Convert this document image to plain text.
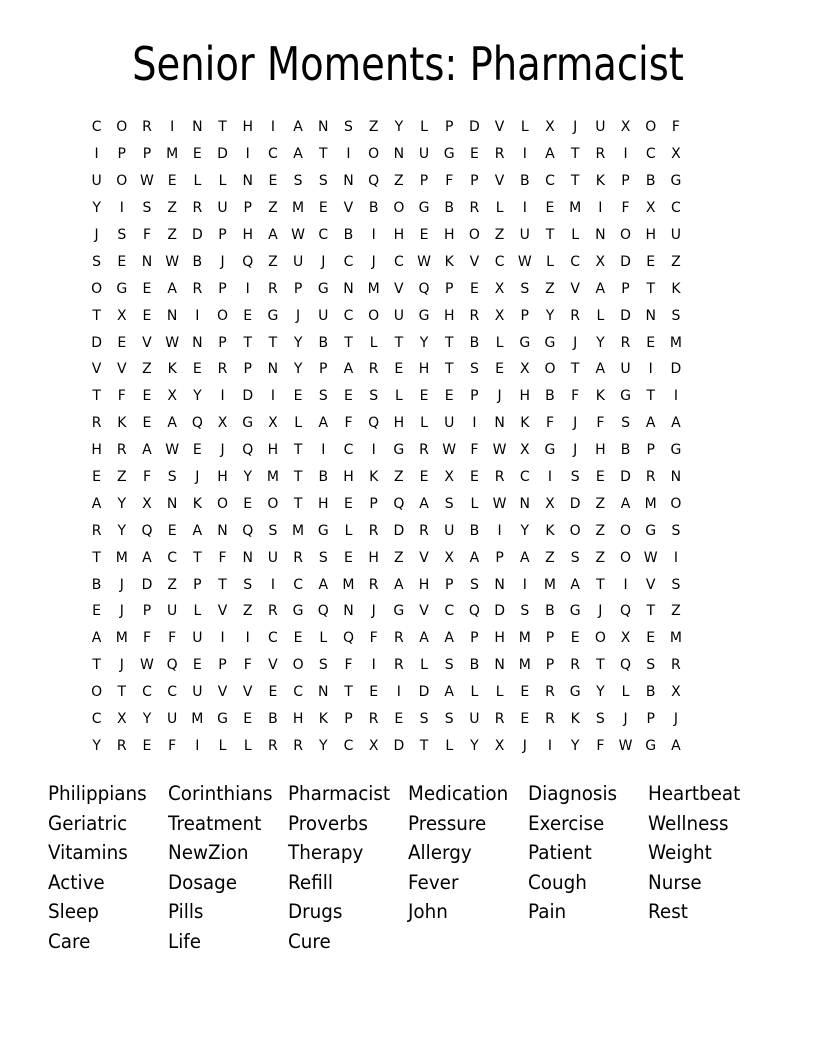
Senior Moments: Pharmacist
C	O	R	I	N	T	H	I	A	N	S	Z	Y	L	P	D	V	L	X	J	U	X	O	F
I	P	P	M	E	D	I	C	A	T	I	O	N	U	G	E	R	I	A	T	R	I	C	X
U	O W E	L	L	N	E	S	S	N	Q	Z	P	F	P	V	B	C	T	K	P	B	G
Y	I	S	Z	R	U	P	Z	M	E	V	B	O	G	B	R	L	I	E	M	I	F	X	C
J	S	F	Z	D	P	H	A W C	B	I	H	E	H	O	Z	U	T	L	N	O	H	U
S	E	N W B	J	Q	Z	U	J	C	J	C W K	V	C W	L	C	X	D	E	Z
O	G	E	A	R	P	I	R	P	G	N M	V	Q	P	E	X	S	Z	V	A	P	T	K
T	X	E	N	I	O	E	G	J	U	C	O	U	G	H	R	X	P	Y	R	L	D	N	S
D	E	V W N	P	T	T	Y	B	T	L	T	Y	T	B	L	G	G	J	Y	R	E	M
V	V	Z	K	E	R	P	N	Y	P	A	R	E	H	T	S	E	X	O	T	A	U	I	D
T	F	E	X	Y	I	D	I	E	S	E	S	L	E	E	P	J	H	B	F	K	G	T	I
R	K	E	A	Q	X	G	X	L	A	F	Q	H	L	U	I	N	K	F	J	F	S	A	A
H	R	A W E	J	Q	H	T	I	C	I	G	R W	F	W X	G	J	H	B	P	G
E	Z	F	S	J	H	Y	M	T	B	H	K	Z	E	X	E	R	C	I	S	E	D	R	N
A	Y	X	N	K	O	E	O	T	H	E	P	Q	A	S	L	W N	X	D	Z	A	M O
R	Y	Q	E	A	N	Q	S	M G	L	R	D	R	U	B	I	Y	K	O	Z	O	G	S
T	M	A	C	T	F	N	U	R	S	E	H	Z	V	X	A	P	A	Z	S	Z	O W	I
B	J	D	Z	P	T	S	I	C	A	M	R	A	H	P	S	N	I	M	A	T	I	V	S
E	J	P	U	L	V	Z	R	G	Q	N	J	G	V	C	Q	D	S	B	G	J	Q	T	Z
A	M	F	F	U	I	I	C	E	L	Q	F	R	A	A	P	H M	P	E	O	X	E	M
T	J	W Q	E	P	F	V	O	S	F	I	R	L	S	B	N M	P	R	T	Q	S	R
O	T	C	C	U	V	V	E	C	N	T	E	I	D	A	L	L	E	R	G	Y	L	B	X
C	X	Y	U	M G	E	B	H	K	P	R	E	S	S	U	R	E	R	K	S	J	P	J
Y	R	E	F	I	L	L	R	R	Y	C	X	D	T	L	Y	X	J	I	Y	F	W G	A
Philippians	Corinthians Pharmacist Medication	Diagnosis	Heartbeat
Geriatric	Treatment	Proverbs	Pressure	Exercise	Wellness
Vitamins	NewZion	Therapy	Allergy	Patient	Weight
Active	Dosage	Refill	Fever	Cough	Nurse
Sleep	Pills	Drugs	John	Pain	Rest
Care	Life	Cure
